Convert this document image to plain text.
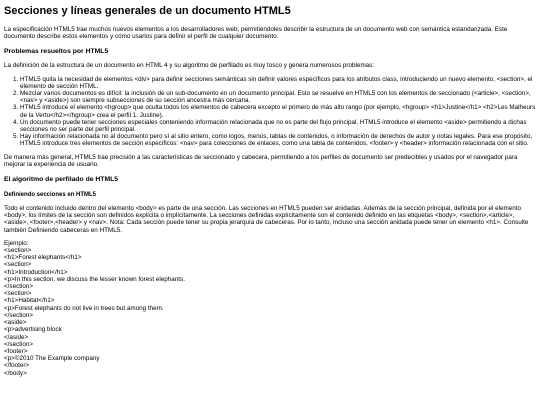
Secciones y líneas generales de un documento HTML5

La especificación HTML5 trae muchos nuevos elementos a los desarrolladores web, permitiéndoles describir la estructura de un documento web con semántica estandarizada. Este documento describe estos elementos y cómo usarlos para definir el perfil de cualquier documento.

Problemas resueltos por HTML5

La definición de la estructura de un documento en HTML 4 y su algoritmo de perfilado es muy tosco y genera numerosos problemas:

1. HTML5 quita la necesidad de elementos <div> para definir secciones semánticas sin definir valores específicos para los atributos class, introduciendo un nuevo elemento, <section>, el elemento de sección HTML.
2. Mezclar varios documentos es difícil: la inclusión de un sub-documento en un documento principal. Esto se resuelve en HTML5 con los elementos de seccionado (<article>, <section>, <nav> y <aside>) son siempre subsecciones de su sección ancestra más cercana.
3. HTML5 introduce el elemento <hgroup> que oculta todos los elementos de cabecera excepto el primero de más alto rango (por ejemplo, <hgroup> <h1>Justine</h1> <h2>Les Malheurs de la Vertu</h2></hgroup> crea el perfil 1. Justine).
4. Un documento puede tener secciones especiales conteniendo información relacionada que no es parte del flujo principal. HTML5 introduce el elemento <aside> permitiendo a dichas secciones no ser parte del perfil principal.
5. Hay información relacionada no al documento pero sí al sitio entero, como logos, menús, tablas de contenidos, o información de derechos de autor y notas legales. Para ese propósito, HTML5 introduce tres elementos de sección específicos: <nav> para colecciones de enlaces, como una tabla de contenidos, <footer> y <header> información relacionada con el sitio.

De manera más general, HTML5 trae precisión a las características de seccionado y cabecera, permitiendo a los perfiles de documento ser predecibles y usados por el navegador para mejorar la experiencia de usuario.

El algoritmo de perfilado de HTML5
Definiendo secciones en HTML5

Todo el contenido incluido dentro del elemento <body> es parte de una sección. Las secciones en HTML5 pueden ser anidadas. Además de la sección principal, definida por el elemento <body>, los límites de la sección son definidos explícita o implícitamente. La secciones definidas explícitamente son el contenido definido en las etiquetas <body>, <section>,<article>,<aside>, <footer>,<header> y <nav>. Nota: Cada sección puede tener su propia jerarquía de cabeceras. Por lo tanto, incluso una sección anidada puede tener un elemento <h1>. Consulte también Definiendo cabeceras en HTML5.

Ejemplo:
<section>
<h1>Forest elephants</h1>
<section>
<h1>Introduction</h1>
<p>In this section, we discuss the lesser known forest elephants.
</section>
<section>
<h1>Habitat</h1>
<p>Forest elephants do not live in trees but among them.
</section>
<aside>
<p>advertising block
</aside>
</section>
<footer>
<p>©2010 The Example company
</footer>
</body>
